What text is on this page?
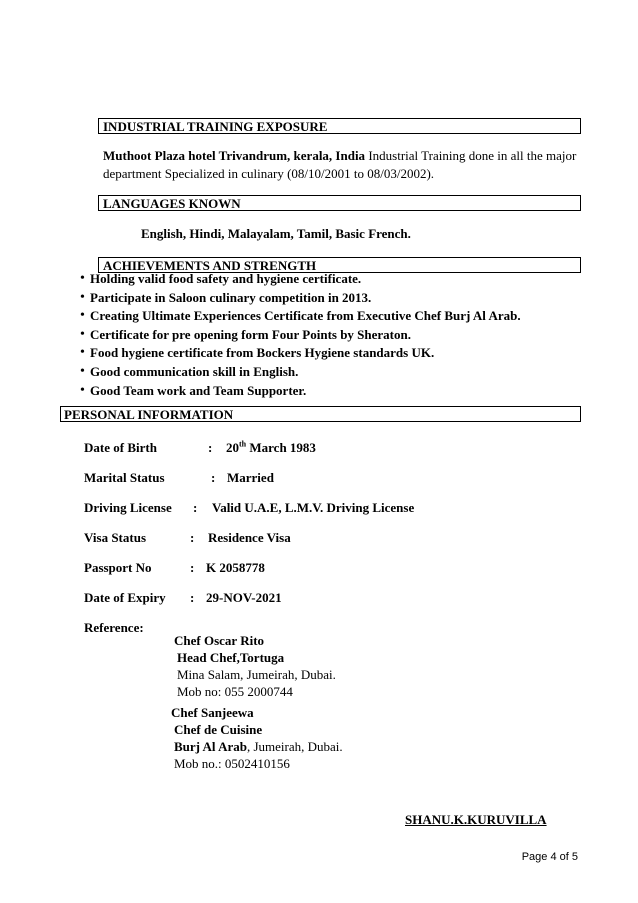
INDUSTRIAL TRAINING EXPOSURE
Muthoot Plaza hotel Trivandrum, kerala, India Industrial Training done in all the major
department Specialized in culinary (08/10/2001 to 08/03/2002).
LANGUAGES KNOWN
English, Hindi, Malayalam, Tamil, Basic French.
ACHIEVEMENTS AND STRENGTH
• Holding valid food safety and hygiene certificate.
• Participate in Saloon culinary competition in 2013.
• Creating Ultimate Experiences Certificate from Executive Chef Burj Al Arab.
• Certificate for pre opening form Four Points by Sheraton.
• Food hygiene certificate from Bockers Hygiene standards UK.
• Good communication skill in English.
• Good Team work and Team Supporter.
PERSONAL INFORMATION
Date of Birth	: 20th March 1983
Marital Status	: Married
Driving License : Valid U.A.E, L.M.V. Driving License
Visa Status	: Residence Visa
Passport No	: K 2058778
Date of Expiry : 29-NOV-2021
Reference:
Chef Oscar Rito
Head Chef,Tortuga
Mina Salam, Jumeirah, Dubai.
Mob no: 055 2000744
Chef Sanjeewa
Chef de Cuisine
Burj Al Arab, Jumeirah, Dubai.
Mob no.: 0502410156
SHANU.K.KURUVILLA
Page 4 of 5
